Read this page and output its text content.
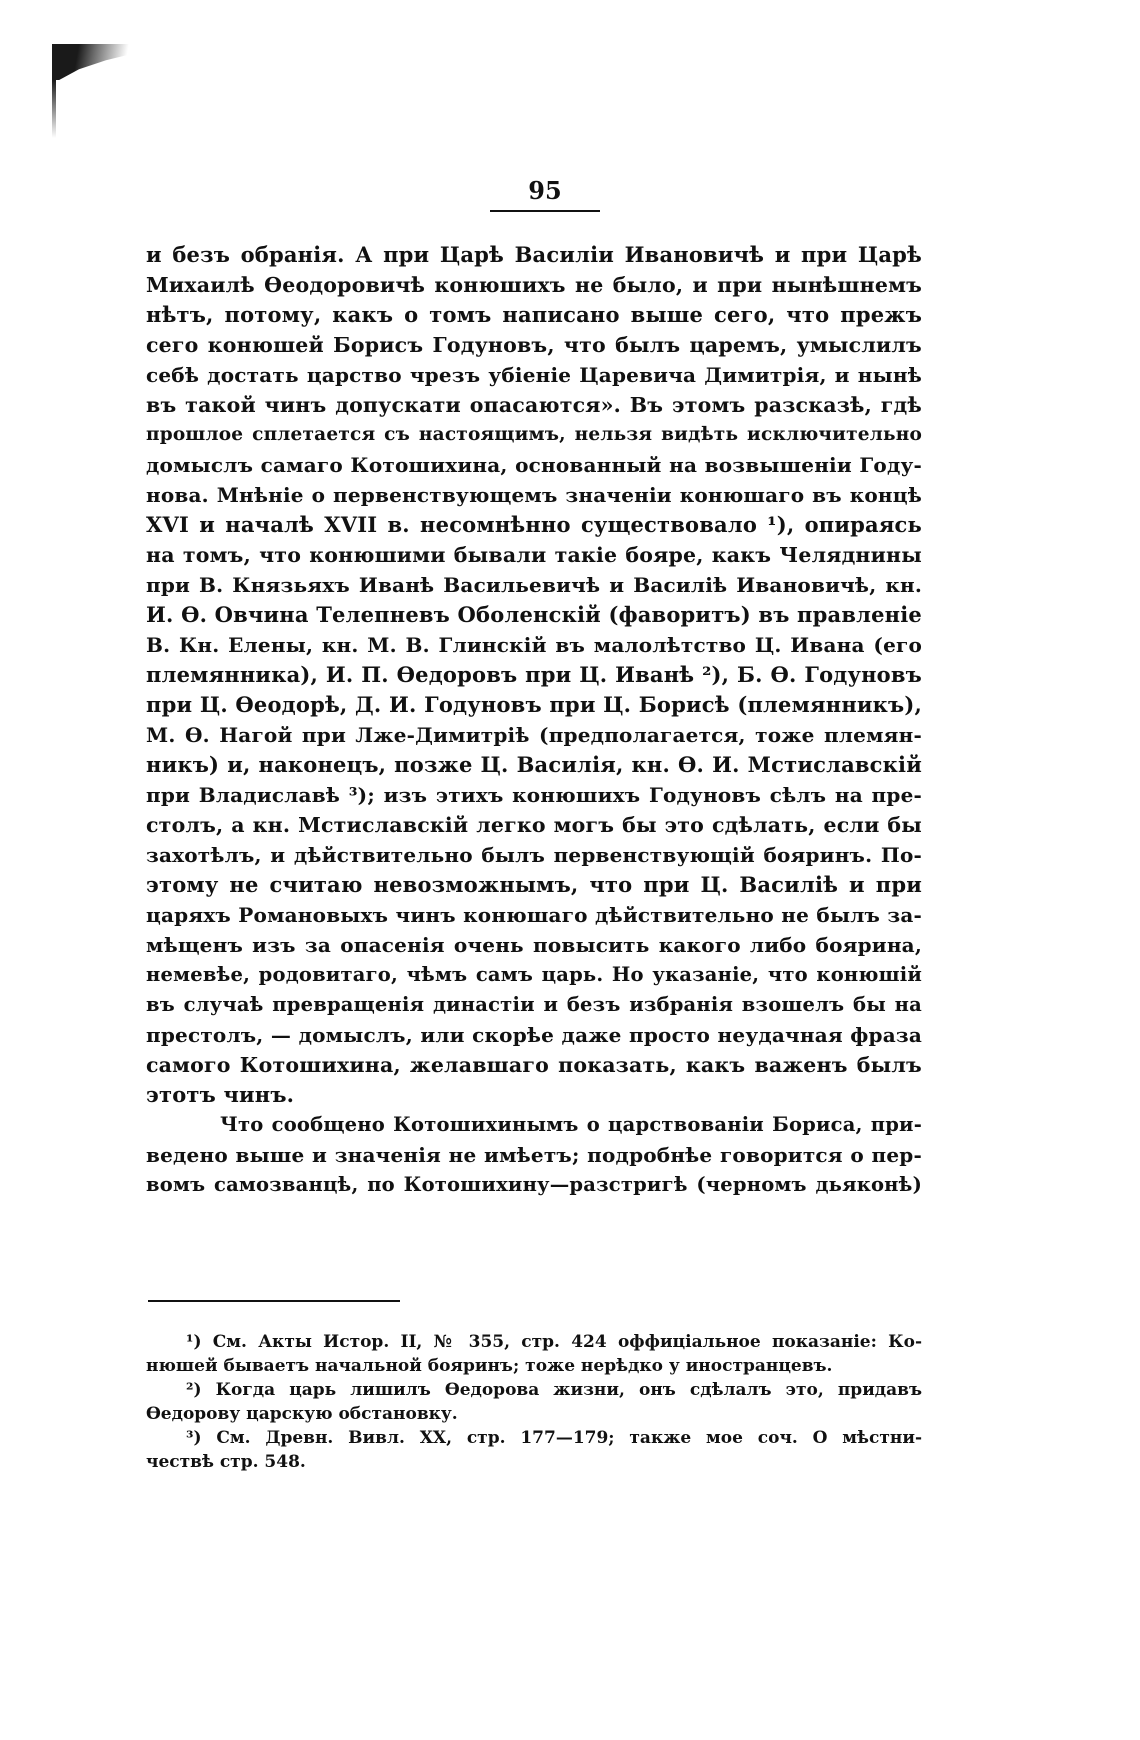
95
и безъ обранія. А при Царѣ Василіи Ивановичѣ и при Царѣ
Михаилѣ Ѳеодоровичѣ конюшихъ не было, и при нынѣшнемъ
нѣтъ, потому, какъ о томъ написано выше сего, что прежъ
сего конюшей Борисъ Годуновъ, что былъ царемъ, умыслилъ
себѣ достать царство чрезъ убіеніе Царевича Димитрія, и нынѣ
въ такой чинъ допускати опасаются». Въ этомъ разсказѣ, гдѣ
прошлое сплетается съ настоящимъ, нельзя видѣть исключительно
домыслъ самаго Котошихина, основанный на возвышеніи Году-
нова. Мнѣніе о первенствующемъ значеніи конюшаго въ концѣ
XVI и началѣ XVII в. несомнѣнно существовало ¹), опираясь
на томъ, что конюшими бывали такіе бояре, какъ Челяднины
при В. Князьяхъ Иванѣ Васильевичѣ и Василіѣ Ивановичѣ, кн.
И. Ѳ. Овчина Телепневъ Оболенскій (фаворитъ) въ правленіе
В. Кн. Елены, кн. М. В. Глинскій въ малолѣтство Ц. Ивана (его
племянника), И. П. Ѳедоровъ при Ц. Иванѣ ²), Б. Ѳ. Годуновъ
при Ц. Ѳеодорѣ, Д. И. Годуновъ при Ц. Борисѣ (племянникъ),
М. Ѳ. Нагой при Лже-Димитріѣ (предполагается, тоже племян-
никъ) и, наконецъ, позже Ц. Василія, кн. Ѳ. И. Мстиславскій
при Владиславѣ ³); изъ этихъ конюшихъ Годуновъ сѣлъ на пре-
столъ, а кн. Мстиславскій легко могъ бы это сдѣлать, если бы
захотѣлъ, и дѣйствительно былъ первенствующій бояринъ. По-
этому не считаю невозможнымъ, что при Ц. Василіѣ и при
царяхъ Романовыхъ чинъ конюшаго дѣйствительно не былъ за-
мѣщенъ изъ за опасенія очень повысить какого либо боярина,
немевѣе, родовитаго, чѣмъ самъ царь. Но указаніе, что конюшій
въ случаѣ превращенія династіи и безъ избранія взошелъ бы на
престолъ, — домыслъ, или скорѣе даже просто неудачная фраза
самого Котошихина, желавшаго показать, какъ важенъ былъ
этотъ чинъ.
Что сообщено Котошихинымъ о царствованіи Бориса, при-
ведено выше и значенія не имѣетъ; подробнѣе говорится о пер-
вомъ самозванцѣ, по Котошихину—разстригѣ (черномъ дьяконѣ)
¹) См. Акты Истор. II, № 355, стр. 424 оффиціальное показаніе: Ко-
нюшей бываетъ начальной бояринъ; тоже нерѣдко у иностранцевъ.
²) Когда царь лишилъ Ѳедорова жизни, онъ сдѣлалъ это, придавъ
Ѳедорову царскую обстановку.
³) См. Древн. Вивл. XX, стр. 177—179; также мое соч. О мѣстни-
чествѣ стр. 548.
